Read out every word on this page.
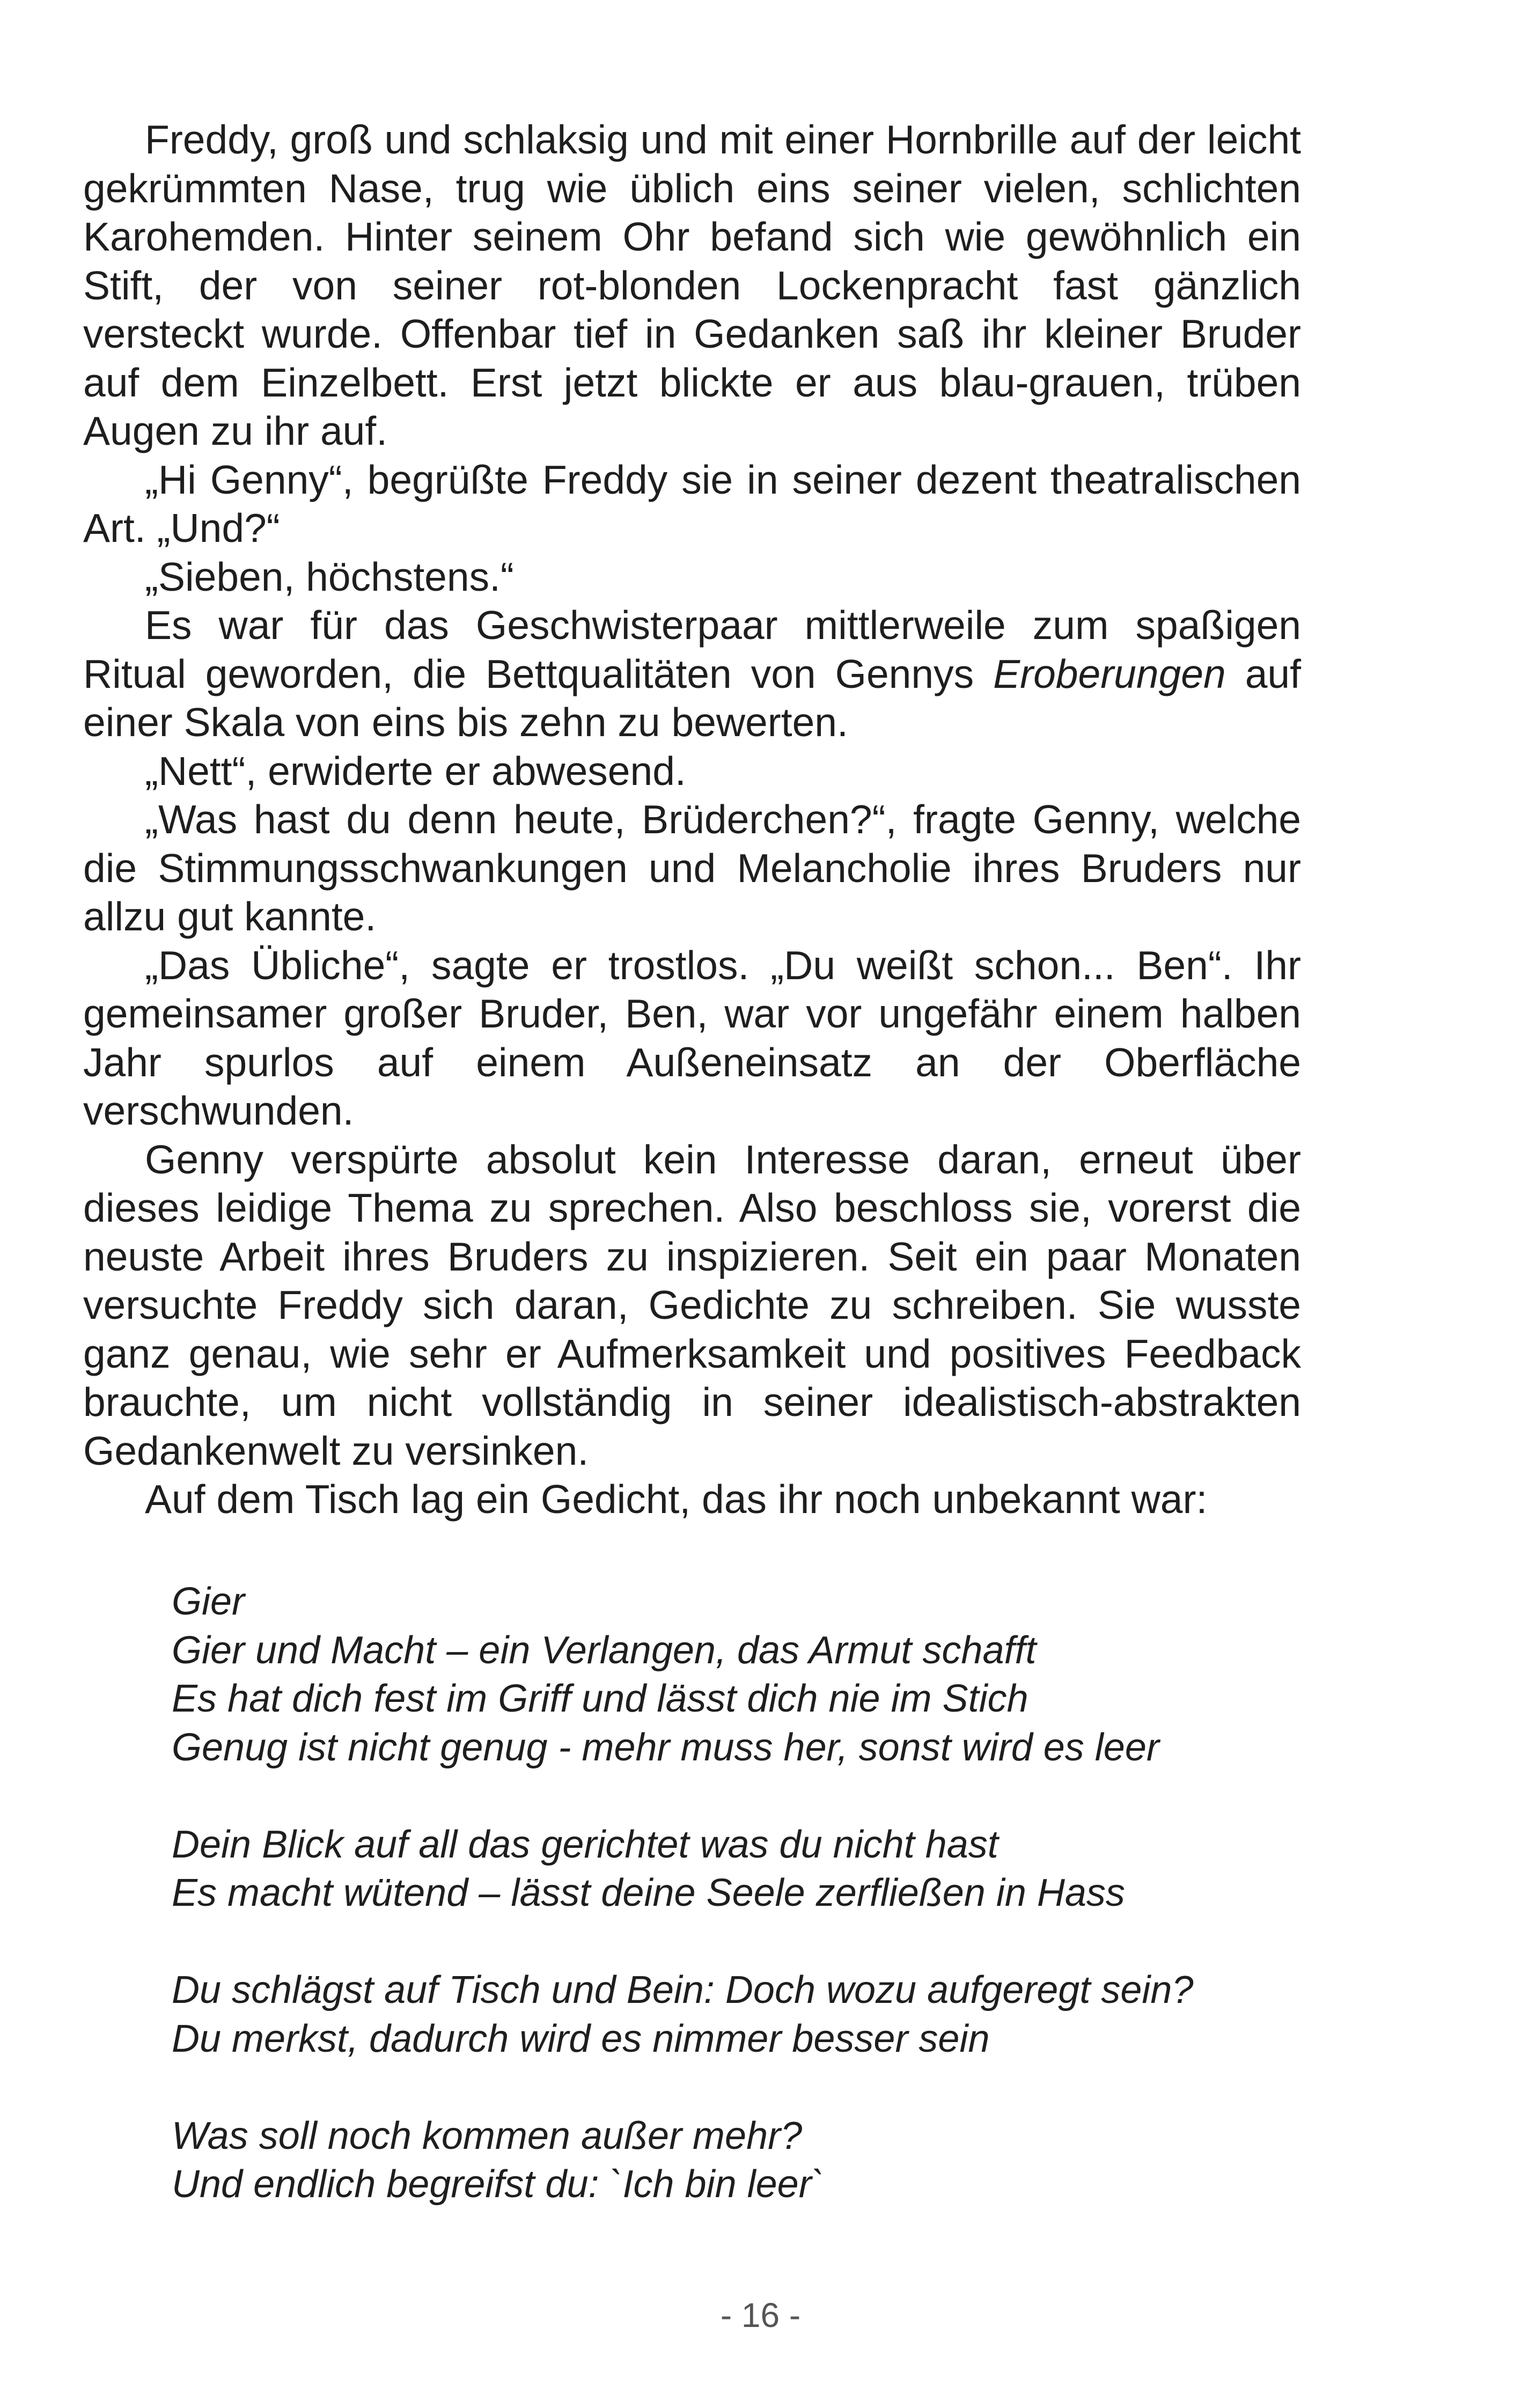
Freddy, groß und schlaksig und mit einer Hornbrille auf der leicht gekrümmten Nase, trug wie üblich eins seiner vielen, schlichten Karohemden. Hinter seinem Ohr befand sich wie gewöhnlich ein Stift, der von seiner rot-blonden Lockenpracht fast gänzlich versteckt wurde. Offenbar tief in Gedanken saß ihr kleiner Bruder auf dem Einzelbett. Erst jetzt blickte er aus blau-grauen, trüben Augen zu ihr auf.

„Hi Genny“, begrüßte Freddy sie in seiner dezent theatralischen Art. „Und?“

„Sieben, höchstens.“

Es war für das Geschwisterpaar mittlerweile zum spaßigen Ritual geworden, die Bettqualitäten von Gennys Eroberungen auf einer Skala von eins bis zehn zu bewerten.

„Nett“, erwiderte er abwesend.

„Was hast du denn heute, Brüderchen?“, fragte Genny, welche die Stimmungsschwankungen und Melancholie ihres Bruders nur allzu gut kannte.

„Das Übliche“, sagte er trostlos. „Du weißt schon... Ben“. Ihr gemeinsamer großer Bruder, Ben, war vor ungefähr einem halben Jahr spurlos auf einem Außeneinsatz an der Oberfläche verschwunden.

Genny verspürte absolut kein Interesse daran, erneut über dieses leidige Thema zu sprechen. Also beschloss sie, vorerst die neuste Arbeit ihres Bruders zu inspizieren. Seit ein paar Monaten versuchte Freddy sich daran, Gedichte zu schreiben. Sie wusste ganz genau, wie sehr er Aufmerksamkeit und positives Feedback brauchte, um nicht vollständig in seiner idealistisch-abstrakten Gedankenwelt zu versinken.

Auf dem Tisch lag ein Gedicht, das ihr noch unbekannt war:

Gier
Gier und Macht – ein Verlangen, das Armut schafft
Es hat dich fest im Griff und lässt dich nie im Stich
Genug ist nicht genug - mehr muss her, sonst wird es leer
Dein Blick auf all das gerichtet was du nicht hast
Es macht wütend – lässt deine Seele zerfließen in Hass
Du schlägst auf Tisch und Bein: Doch wozu aufgeregt sein?
Du merkst, dadurch wird es nimmer besser sein
Was soll noch kommen außer mehr?
Und endlich begreifst du: `Ich bin leer`
- 16 -
